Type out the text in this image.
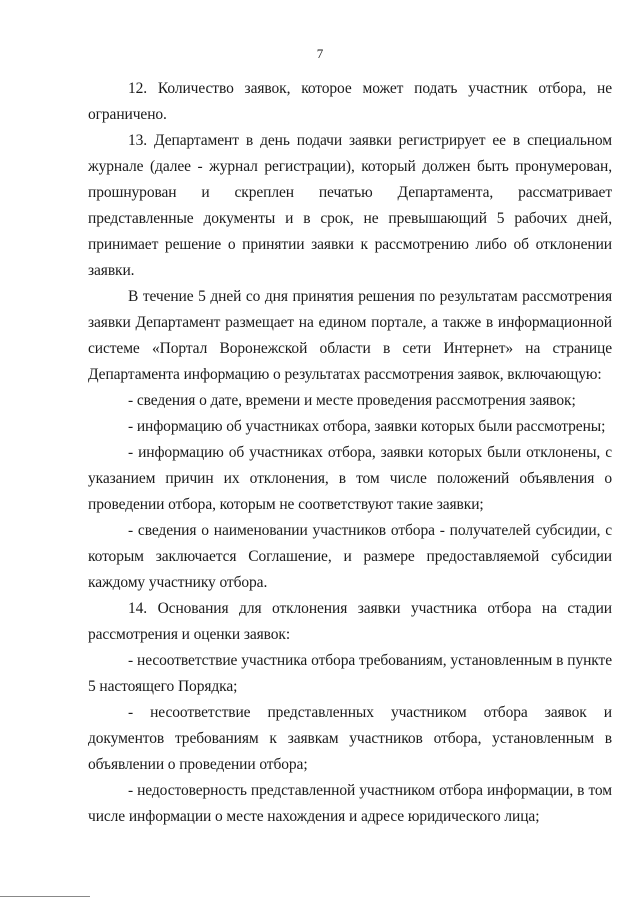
7

12. Количество заявок, которое может подать участник отбора, не ограничено.

13. Департамент в день подачи заявки регистрирует ее в специальном журнале (далее - журнал регистрации), который должен быть пронумерован, прошнурован и скреплен печатью Департамента, рассматривает представленные документы и в срок, не превышающий 5 рабочих дней, принимает решение о принятии заявки к рассмотрению либо об отклонении заявки.

В течение 5 дней со дня принятия решения по результатам рассмотрения заявки Департамент размещает на едином портале, а также в информационной системе «Портал Воронежской области в сети Интернет» на странице Департамента информацию о результатах рассмотрения заявок, включающую:

- сведения о дате, времени и месте проведения рассмотрения заявок;

- информацию об участниках отбора, заявки которых были рассмотрены;

- информацию об участниках отбора, заявки которых были отклонены, с указанием причин их отклонения, в том числе положений объявления о проведении отбора, которым не соответствуют такие заявки;

- сведения о наименовании участников отбора - получателей субсидии, с которым заключается Соглашение, и размере предоставляемой субсидии каждому участнику отбора.

14. Основания для отклонения заявки участника отбора на стадии рассмотрения и оценки заявок:

- несоответствие участника отбора требованиям, установленным в пункте 5 настоящего Порядка;

- несоответствие представленных участником отбора заявок и документов требованиям к заявкам участников отбора, установленным в объявлении о проведении отбора;

- недостоверность представленной участником отбора информации, в том числе информации о месте нахождения и адресе юридического лица;
